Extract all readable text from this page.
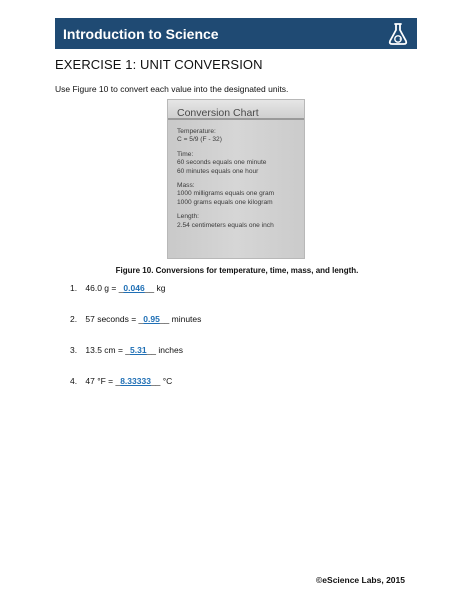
Introduction to Science
EXERCISE 1: UNIT CONVERSION
Use Figure 10 to convert each value into the designated units.
Conversion Chart
Temperature:
C = 5/9 (F - 32)
Time:
60 seconds equals one minute
60 minutes equals one hour
Mass:
1000 milligrams equals one gram
1000 grams equals one kilogram
Length:
2.54 centimeters equals one inch
Figure 10. Conversions for temperature, time, mass, and length.
1. 46.0 g = _0.046__ kg
2. 57 seconds = _0.95__ minutes
3. 13.5 cm = _5.31__ inches
4. 47 °F = _8.33333__ °C
©eScience Labs, 2015
